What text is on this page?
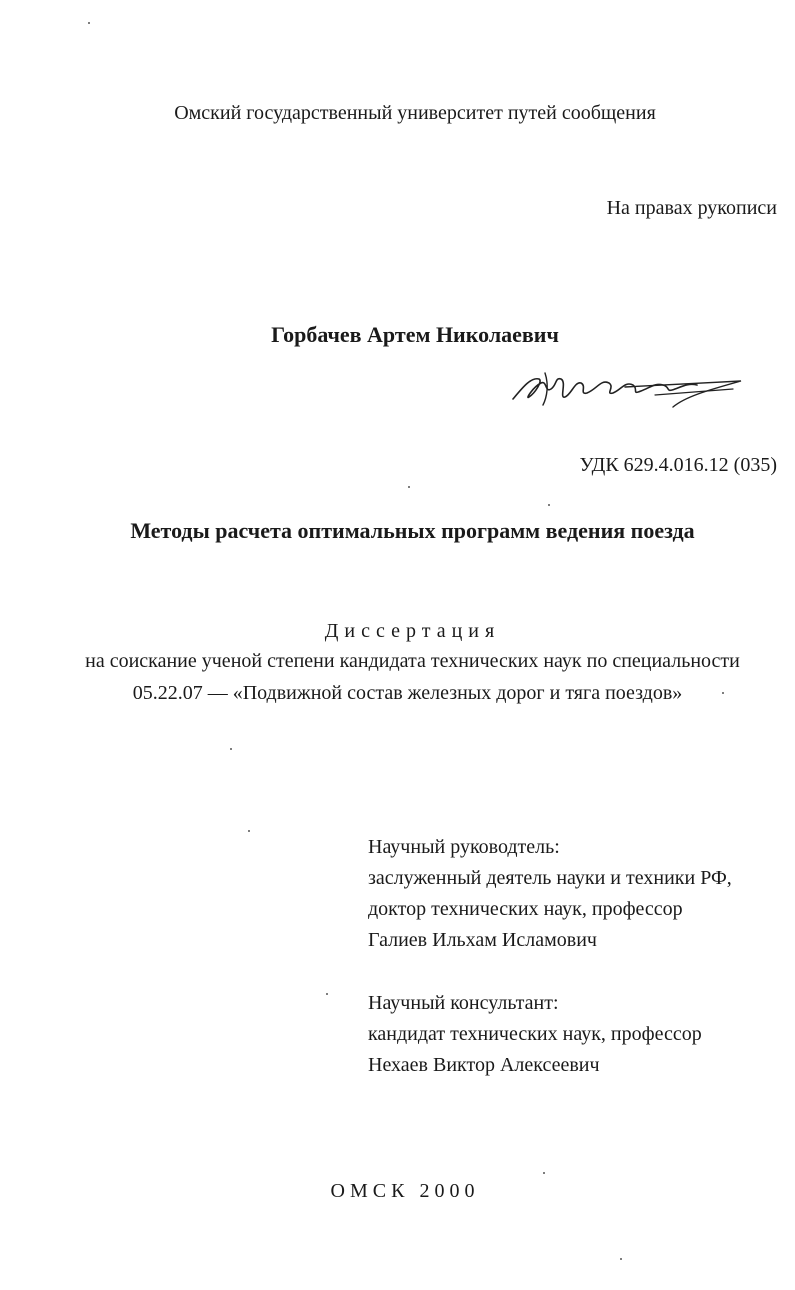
Омский государственный университет путей сообщения
На правах рукописи
Горбачев Артем Николаевич
УДК 629.4.016.12 (035)
Методы расчета оптимальных программ ведения поезда
Диссертация
на соискание ученой степени кандидата технических наук по специальности
05.22.07 — «Подвижной состав железных дорог и тяга поездов»
Научный руководтель:
заслуженный деятель науки и техники РФ,
доктор технических наук, профессор
Галиев Ильхам Исламович
Научный консультант:
кандидат технических наук, профессор
Нехаев Виктор Алексеевич
ОМСК 2000
